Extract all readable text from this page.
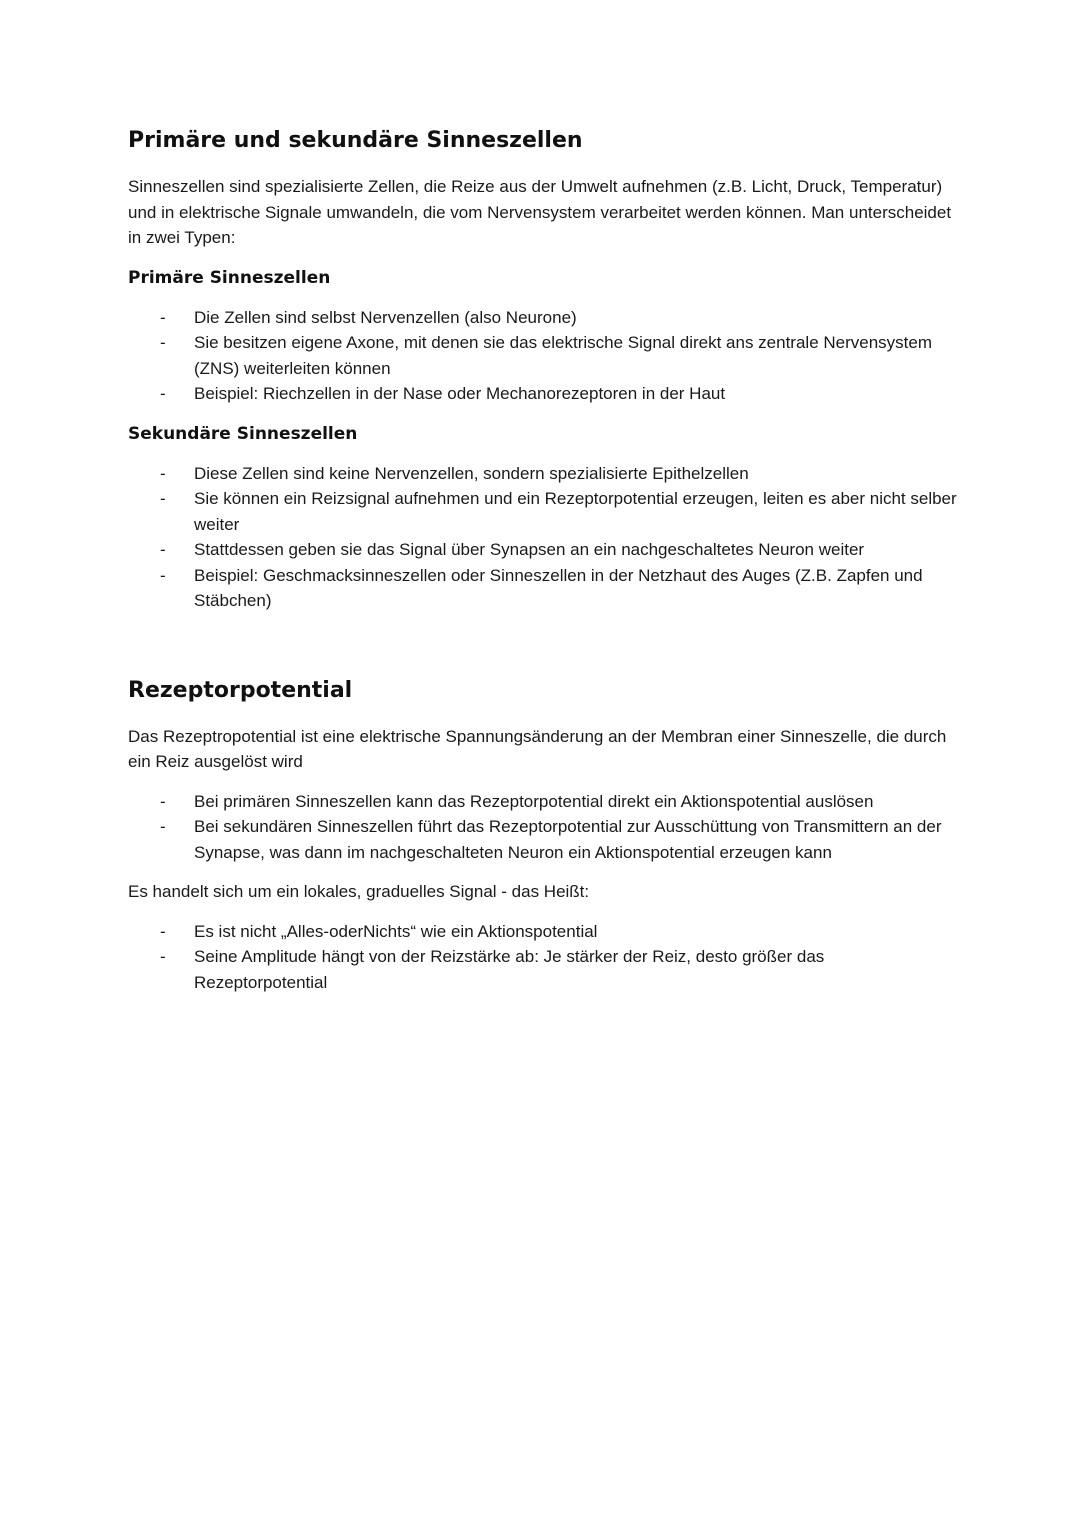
Primäre und sekundäre Sinneszellen

Sinneszellen sind spezialisierte Zellen, die Reize aus der Umwelt aufnehmen (z.B. Licht, Druck, Temperatur) und in elektrische Signale umwandeln, die vom Nervensystem verarbeitet werden können. Man unterscheidet in zwei Typen:

Primäre Sinneszellen
- Die Zellen sind selbst Nervenzellen (also Neurone)
- Sie besitzen eigene Axone, mit denen sie das elektrische Signal direkt ans zentrale Nervensystem (ZNS) weiterleiten können
- Beispiel: Riechzellen in der Nase oder Mechanorezeptoren in der Haut
Sekundäre Sinneszellen
- Diese Zellen sind keine Nervenzellen, sondern spezialisierte Epithelzellen
- Sie können ein Reizsignal aufnehmen und ein Rezeptorpotential erzeugen, leiten es aber nicht selber weiter
- Stattdessen geben sie das Signal über Synapsen an ein nachgeschaltetes Neuron weiter
- Beispiel: Geschmacksinneszellen oder Sinneszellen in der Netzhaut des Auges (Z.B. Zapfen und Stäbchen)
Rezeptorpotential

Das Rezeptropotential ist eine elektrische Spannungsänderung an der Membran einer Sinneszelle, die durch ein Reiz ausgelöst wird

- Bei primären Sinneszellen kann das Rezeptorpotential direkt ein Aktionspotential auslösen
- Bei sekundären Sinneszellen führt das Rezeptorpotential zur Ausschüttung von Transmittern an der Synapse, was dann im nachgeschalteten Neuron ein Aktionspotential erzeugen kann

Es handelt sich um ein lokales, graduelles Signal - das Heißt:

- Es ist nicht „Alles-oderNichts“ wie ein Aktionspotential
- Seine Amplitude hängt von der Reizstärke ab: Je stärker der Reiz, desto größer das Rezeptorpotential
